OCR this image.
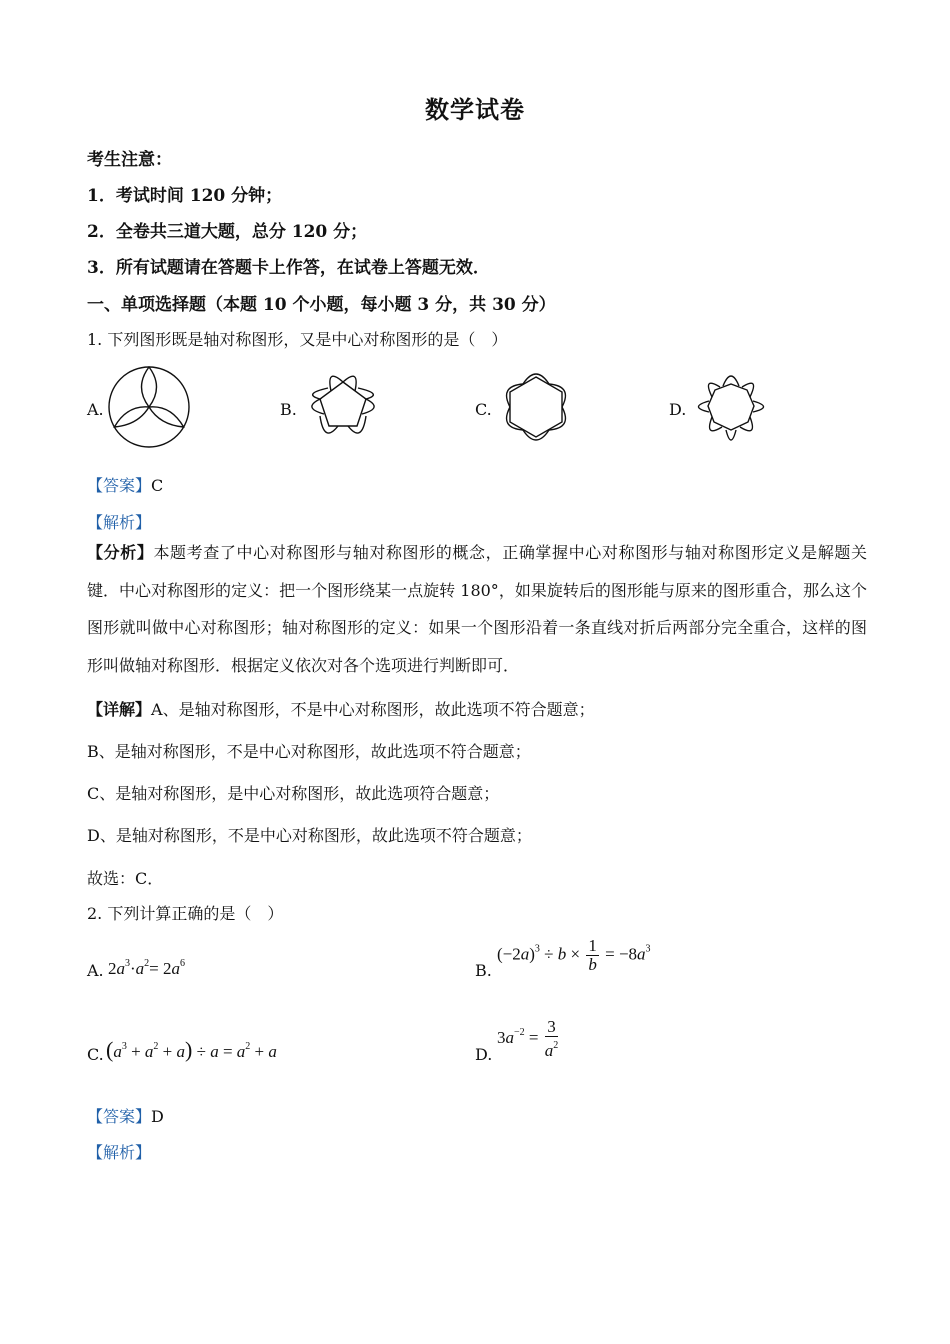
数学试卷
考生注意：
1．考试时间 120 分钟；
2．全卷共三道大题，总分 120 分；
3．所有试题请在答题卡上作答，在试卷上答题无效．
一、单项选择题（本题 10 个小题，每小题 3 分，共 30 分）
1. 下列图形既是轴对称图形，又是中心对称图形的是（　）
A.	B.	C.	D.
【答案】C
【解析】
【分析】本题考查了中心对称图形与轴对称图形的概念，正确掌握中心对称图形与轴对称图形定义是解题关键．中心对称图形的定义：把一个图形绕某一点旋转 180°，如果旋转后的图形能与原来的图形重合，那么这个图形就叫做中心对称图形；轴对称图形的定义：如果一个图形沿着一条直线对折后两部分完全重合，这样的图形叫做轴对称图形．根据定义依次对各个选项进行判断即可．
【详解】A、是轴对称图形，不是中心对称图形，故此选项不符合题意；
B、是轴对称图形，不是中心对称图形，故此选项不符合题意；
C、是轴对称图形，是中心对称图形，故此选项符合题意；
D、是轴对称图形，不是中心对称图形，故此选项不符合题意；
故选：C．
2. 下列计算正确的是（　）
A. $2a^3\cdot a^2= 2a^6$	B.
$(-2a)^3 \div b \times \frac{1}{b} = -8a^3$
C. $(a^3 + a^2 + a) \div a = a^2 + a$	D.
$3a^{-2} = \frac{3}{a^2}$
【答案】D
【解析】
